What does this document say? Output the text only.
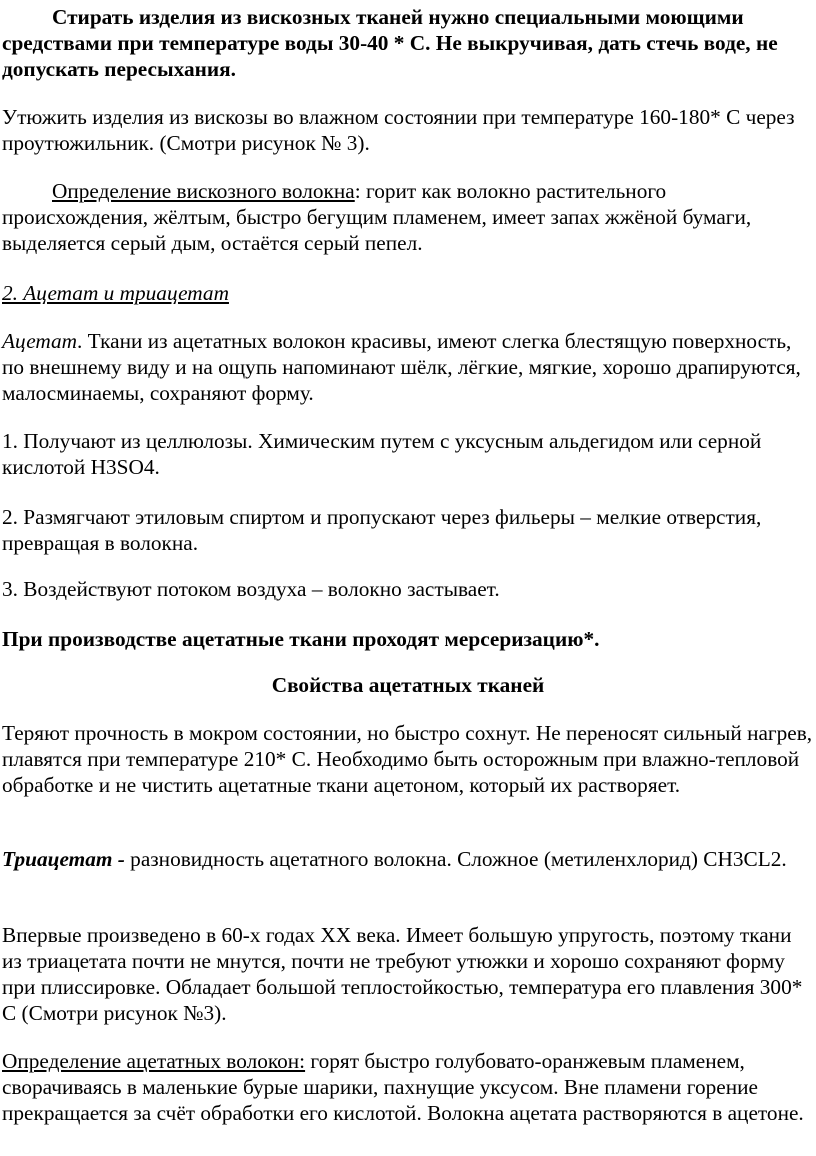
Стирать изделия из вискозных тканей нужно специальными моющими средствами при температуре воды 30-40 * С. Не выкручивая, дать стечь воде, не допускать пересыхания.

Утюжить изделия из вискозы во влажном состоянии при температуре 160-180* С через проутюжильник. (Смотри рисунок № 3).

Определение вискозного волокна: горит как волокно растительного происхождения, жёлтым, быстро бегущим пламенем, имеет запах жжёной бумаги, выделяется серый дым, остаётся серый пепел.

2. Ацетат и триацетат

Ацетат. Ткани из ацетатных волокон красивы, имеют слегка блестящую поверхность, по внешнему виду и на ощупь напоминают шёлк, лёгкие, мягкие, хорошо драпируются, малосминаемы, сохраняют форму.

1. Получают из целлюлозы. Химическим путем с уксусным альдегидом или серной кислотой H3SO4.

2. Размягчают этиловым спиртом и пропускают через фильеры – мелкие отверстия, превращая в волокна.

3. Воздействуют потоком воздуха – волокно застывает.

При производстве ацетатные ткани проходят мерсеризацию*.

Свойства ацетатных тканей

Теряют прочность в мокром состоянии, но быстро сохнут. Не переносят сильный нагрев, плавятся при температуре 210* С. Необходимо быть осторожным при влажно-тепловой обработке и не чистить ацетатные ткани ацетоном, который их растворяет.

Триацетат - разновидность ацетатного волокна. Сложное (метиленхлорид) CH3CL2.

Впервые произведено в 60-х годах XX века. Имеет большую упругость, поэтому ткани из триацетата почти не мнутся, почти не требуют утюжки и хорошо сохраняют форму при плиссировке. Обладает большой теплостойкостью, температура его плавления 300* С (Смотри рисунок №3).

Определение ацетатных волокон: горят быстро голубовато-оранжевым пламенем, сворачиваясь в маленькие бурые шарики, пахнущие уксусом. Вне пламени горение прекращается за счёт обработки его кислотой. Волокна ацетата растворяются в ацетоне.
